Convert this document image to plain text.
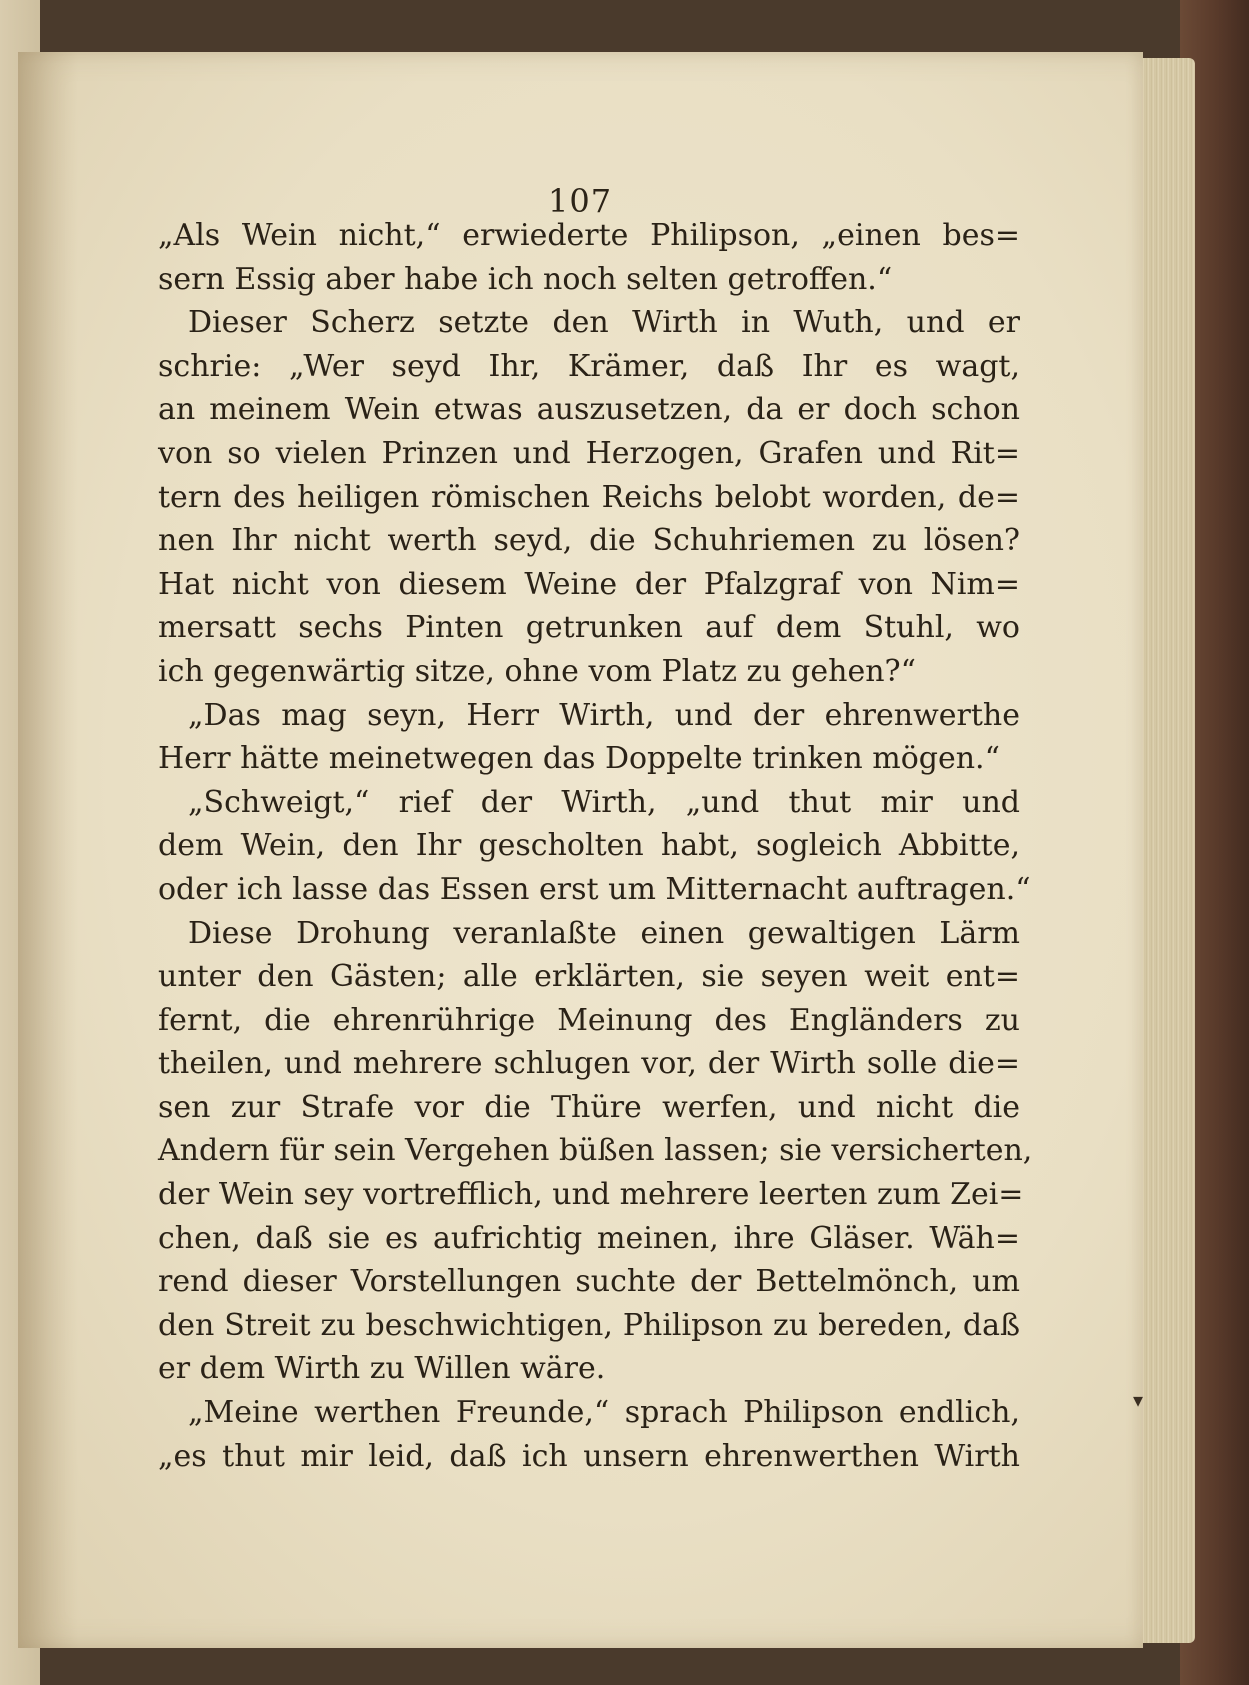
107
„Als Wein nicht,“ erwiederte Philipson, „einen bes=
sern Essig aber habe ich noch selten getroffen.“
Dieser Scherz setzte den Wirth in Wuth, und er
schrie: „Wer seyd Ihr, Krämer, daß Ihr es wagt,
an meinem Wein etwas auszusetzen, da er doch schon
von so vielen Prinzen und Herzogen, Grafen und Rit=
tern des heiligen römischen Reichs belobt worden, de=
nen Ihr nicht werth seyd, die Schuhriemen zu lösen?
Hat nicht von diesem Weine der Pfalzgraf von Nim=
mersatt sechs Pinten getrunken auf dem Stuhl, wo
ich gegenwärtig sitze, ohne vom Platz zu gehen?“
„Das mag seyn, Herr Wirth, und der ehrenwerthe
Herr hätte meinetwegen das Doppelte trinken mögen.“
„Schweigt,“ rief der Wirth, „und thut mir und
dem Wein, den Ihr gescholten habt, sogleich Abbitte,
oder ich lasse das Essen erst um Mitternacht auftragen.“
Diese Drohung veranlaßte einen gewaltigen Lärm
unter den Gästen; alle erklärten, sie seyen weit ent=
fernt, die ehrenrührige Meinung des Engländers zu
theilen, und mehrere schlugen vor, der Wirth solle die=
sen zur Strafe vor die Thüre werfen, und nicht die
Andern für sein Vergehen büßen lassen; sie versicherten,
der Wein sey vortrefflich, und mehrere leerten zum Zei=
chen, daß sie es aufrichtig meinen, ihre Gläser. Wäh=
rend dieser Vorstellungen suchte der Bettelmönch, um
den Streit zu beschwichtigen, Philipson zu bereden, daß
er dem Wirth zu Willen wäre.
„Meine werthen Freunde,“ sprach Philipson endlich,
„es thut mir leid, daß ich unsern ehrenwerthen Wirth
▾
